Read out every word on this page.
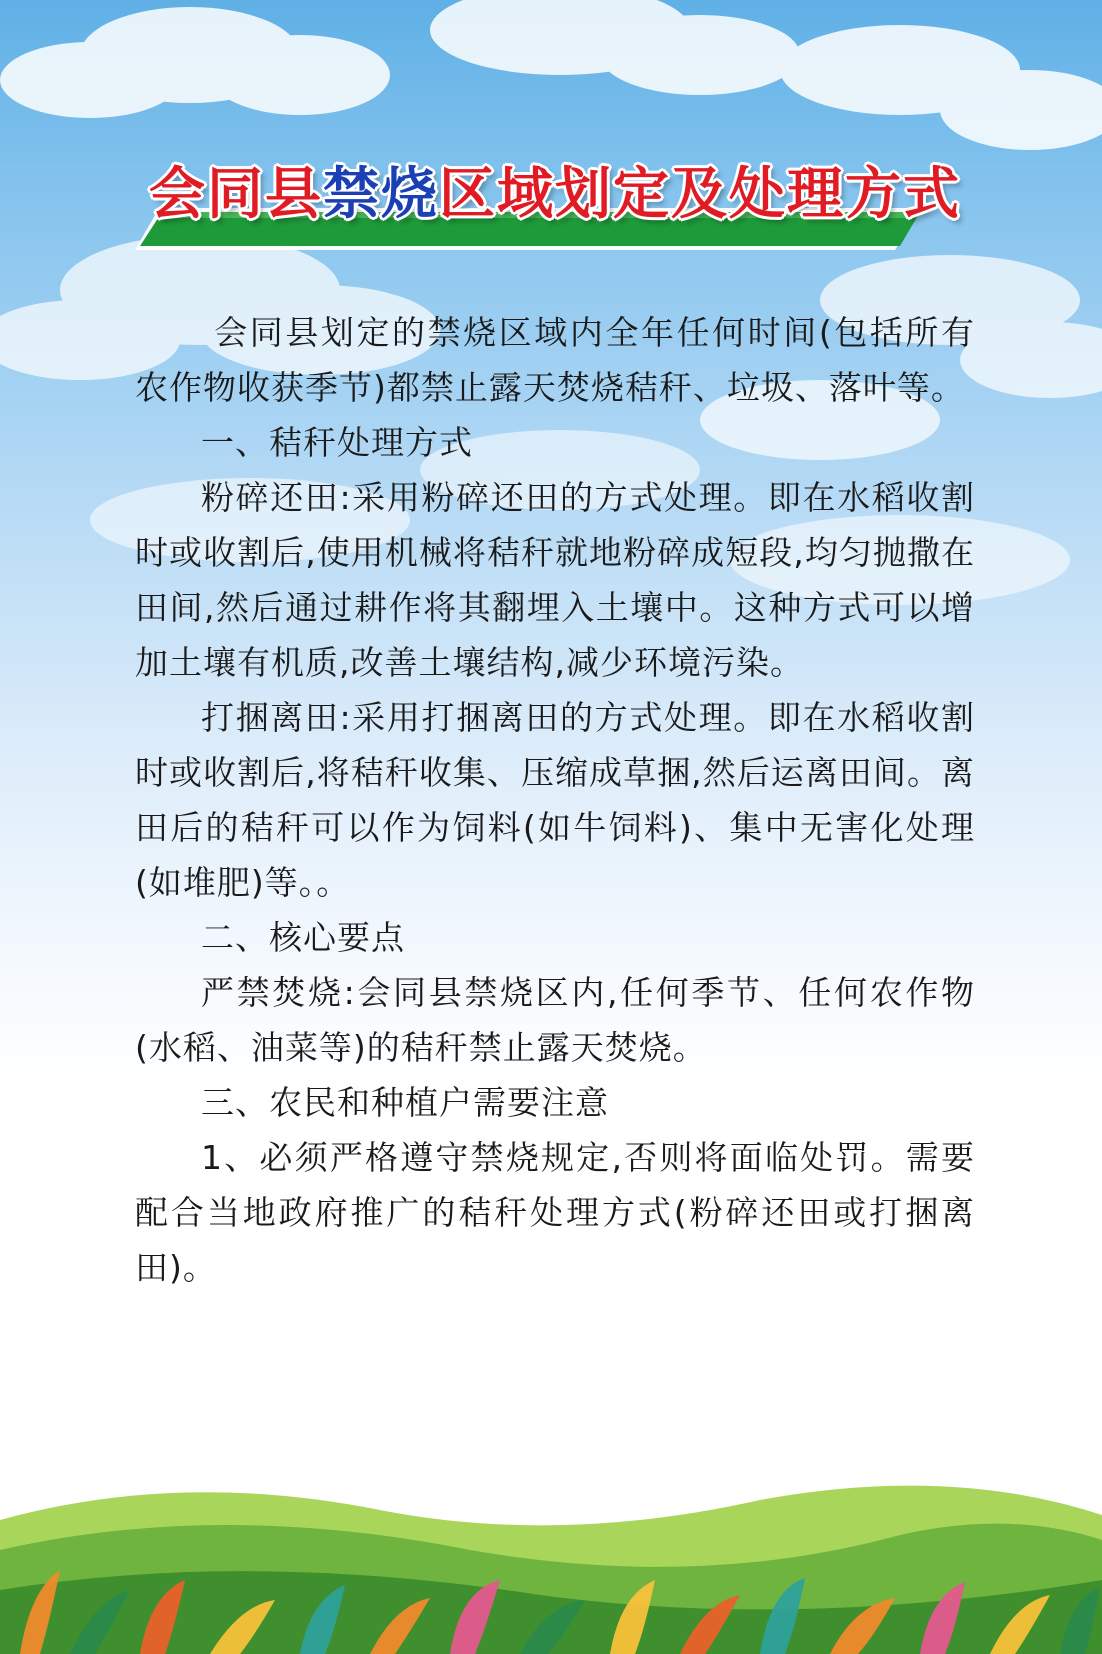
会同县禁烧区域划定及处理方式

会同县划定的禁烧区域内全年任何时间(包括所有农作物收获季节)都禁止露天焚烧秸秆、垃圾、落叶等。

一、秸秆处理方式

粉碎还田:采用粉碎还田的方式处理。即在水稻收割时或收割后,使用机械将秸秆就地粉碎成短段,均匀抛撒在田间,然后通过耕作将其翻埋入土壤中。这种方式可以增加土壤有机质,改善土壤结构,减少环境污染。

打捆离田:采用打捆离田的方式处理。即在水稻收割时或收割后,将秸秆收集、压缩成草捆,然后运离田间。离田后的秸秆可以作为饲料(如牛饲料)、集中无害化处理(如堆肥)等。。

二、核心要点

严禁焚烧:会同县禁烧区内,任何季节、任何农作物(水稻、油菜等)的秸秆禁止露天焚烧。

三、农民和种植户需要注意

1、必须严格遵守禁烧规定,否则将面临处罚。需要配合当地政府推广的秸秆处理方式(粉碎还田或打捆离田)。
